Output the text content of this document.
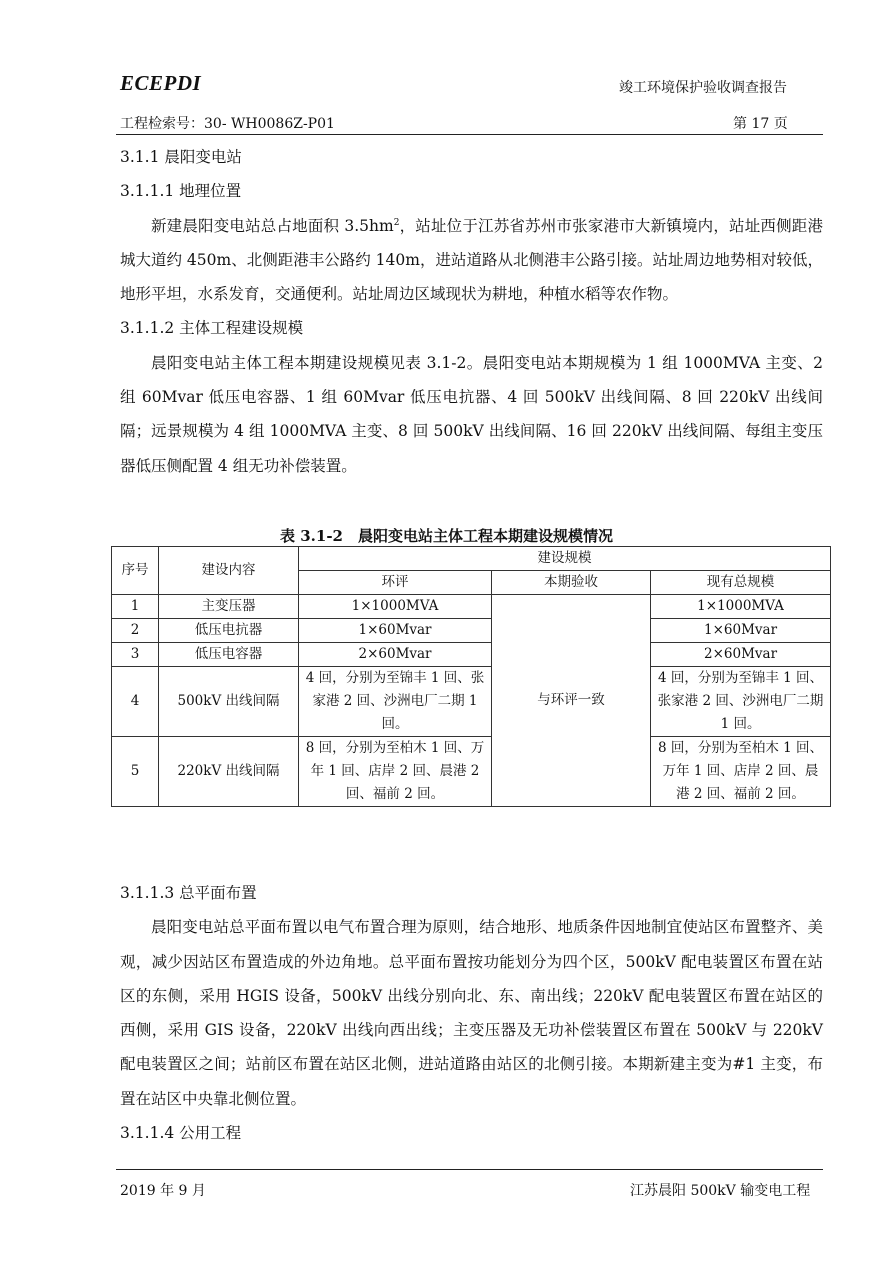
ECEPDI	竣工环境保护验收调查报告
工程检索号：30- WH0086Z-P01	第 17 页
3.1.1 晨阳变电站
3.1.1.1 地理位置

新建晨阳变电站总占地面积 $3.5hm^2$，站址位于江苏省苏州市张家港市大新镇境内，站址西侧距港城大道约 450m、北侧距港丰公路约 140m，进站道路从北侧港丰公路引接。站址周边地势相对较低，地形平坦，水系发育，交通便利。站址周边区域现状为耕地，种植水稻等农作物。

3.1.1.2 主体工程建设规模

晨阳变电站主体工程本期建设规模见表 3.1-2。晨阳变电站本期规模为 1 组 1000MVA 主变、2 组 60Mvar 低压电容器、1 组 60Mvar 低压电抗器、4 回 500kV 出线间隔、8 回 220kV 出线间隔；远景规模为 4 组 1000MVA 主变、8 回 500kV 出线间隔、16 回 220kV 出线间隔、每组主变压器低压侧配置 4 组无功补偿装置。

表 3.1-2　晨阳变电站主体工程本期建设规模情况
序号	建设内容	建设规模		
		环评	本期验收	现有总规模
1	主变压器	1×1000MVA	与环评一致	1×1000MVA
2	低压电抗器	1×60Mvar		1×60Mvar
3	低压电容器	2×60Mvar		2×60Mvar
4	500kV 出线间隔	4 回，分别为至锦丰 1 回、张家港 2 回、沙洲电厂二期 1 回。		4 回，分别为至锦丰 1 回、张家港 2 回、沙洲电厂二期 1 回。
5	220kV 出线间隔	8 回，分别为至柏木 1 回、万年 1 回、店岸 2 回、晨港 2 回、福前 2 回。		8 回，分别为至柏木 1 回、万年 1 回、店岸 2 回、晨港 2 回、福前 2 回。
3.1.1.3 总平面布置

晨阳变电站总平面布置以电气布置合理为原则，结合地形、地质条件因地制宜使站区布置整齐、美观，减少因站区布置造成的外边角地。总平面布置按功能划分为四个区，500kV 配电装置区布置在站区的东侧，采用 HGIS 设备，500kV 出线分别向北、东、南出线；220kV 配电装置区布置在站区的西侧，采用 GIS 设备，220kV 出线向西出线；主变压器及无功补偿装置区布置在 500kV 与 220kV 配电装置区之间；站前区布置在站区北侧，进站道路由站区的北侧引接。本期新建主变为#1 主变，布置在站区中央靠北侧位置。

3.1.1.4 公用工程
2019 年 9 月	江苏晨阳 500kV 输变电工程
